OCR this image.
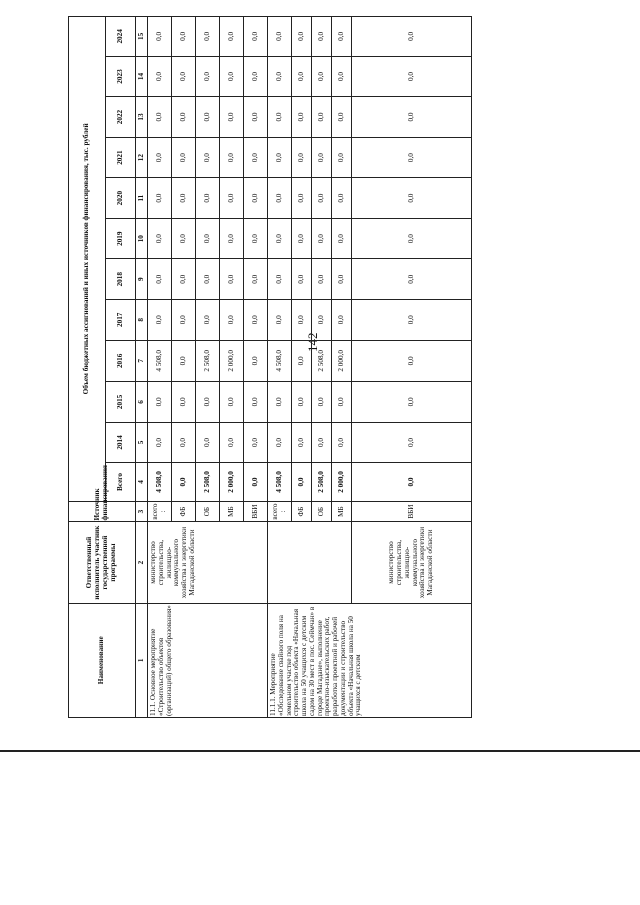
142
Наименование	Ответственный исполнитель участник государственной программы	Источник финансирования	Объем бюджетных ассигнований и иных источников финансирования, тыс. рублей											
			Всего	2014	2015	2016	2017	2018	2019	2020	2021	2022	2023	2024
1	2	3	4	5	6	7	8	9	10	11	12	13	14	15
11.1. Основное мероприятие «Строительство объектов (организаций) общего образования»	министерство строительства, жилищно-коммунального хозяйства и энергетики Магаданской области	всего :	4 508,0	0,0	0,0	4 508,0	0,0	0,0	0,0	0,0	0,0	0,0	0,0	0,0
		ФБ	0,0	0,0	0,0	0,0	0,0	0,0	0,0	0,0	0,0	0,0	0,0	0,0
		ОБ	2 508,0	0,0	0,0	2 508,0	0,0	0,0	0,0	0,0	0,0	0,0	0,0	0,0
		МБ	2 000,0	0,0	0,0	2 000,0	0,0	0,0	0,0	0,0	0,0	0,0	0,0	0,0
		ВБИ	0,0	0,0	0,0	0,0	0,0	0,0	0,0	0,0	0,0	0,0	0,0	0,0
11.1.1. Мероприятие «Обследование свайного поля на земельном участке под строительство объекта «Начальная школа на 50 учащихся с детским садом на 30 мест в пос. Сеймчан» в городе Магадане», выполнение проектно-изыскательских работ, разработка проектной и рабочей документации и строительство объекта «Начальная школа на 50 учащихся с детским		всего :	4 508,0	0,0	0,0	4 508,0	0,0	0,0	0,0	0,0	0,0	0,0	0,0	0,0
		ФБ	0,0	0,0	0,0	0,0	0,0	0,0	0,0	0,0	0,0	0,0	0,0	0,0
		ОБ	2 508,0	0,0	0,0	2 508,0	0,0	0,0	0,0	0,0	0,0	0,0	0,0	0,0
		МБ	2 000,0	0,0	0,0	2 000,0	0,0	0,0	0,0	0,0	0,0	0,0	0,0	0,0
	министерство строительства, жилищно-коммунального хозяйства и энергетики Магаданской области	ВБИ	0,0	0,0	0,0	0,0	0,0	0,0	0,0	0,0	0,0	0,0	0,0	0,0
